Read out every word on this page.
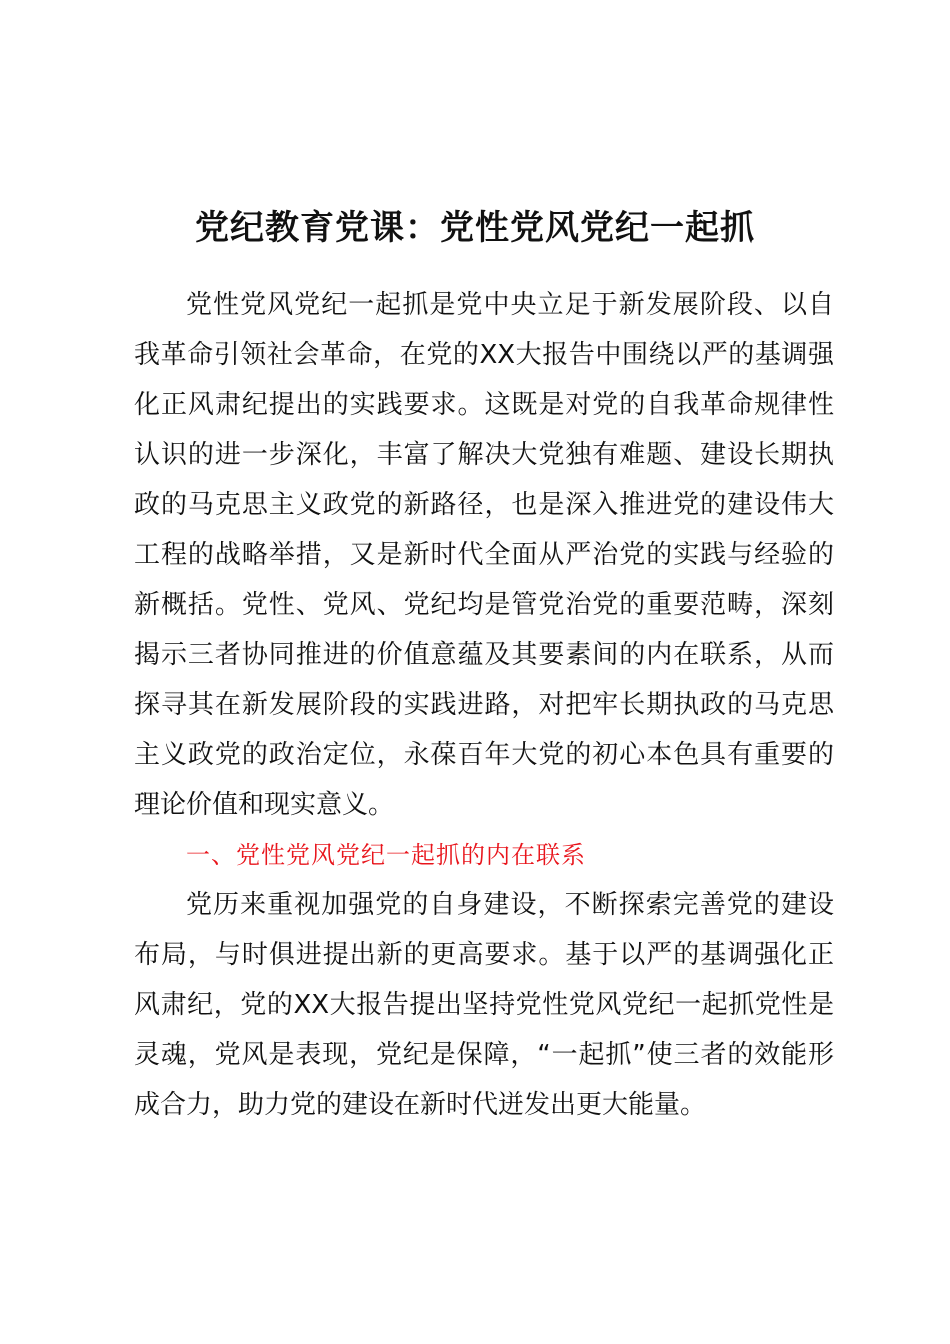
党纪教育党课：党性党风党纪一起抓

党性党风党纪一起抓是党中央立足于新发展阶段、以自我革命引领社会革命，在党的XX大报告中围绕以严的基调强化正风肃纪提出的实践要求。这既是对党的自我革命规律性认识的进一步深化，丰富了解决大党独有难题、建设长期执政的马克思主义政党的新路径，也是深入推进党的建设伟大工程的战略举措，又是新时代全面从严治党的实践与经验的新概括。党性、党风、党纪均是管党治党的重要范畴，深刻揭示三者协同推进的价值意蕴及其要素间的内在联系，从而探寻其在新发展阶段的实践进路，对把牢长期执政的马克思主义政党的政治定位，永葆百年大党的初心本色具有重要的理论价值和现实意义。

一、党性党风党纪一起抓的内在联系

党历来重视加强党的自身建设，不断探索完善党的建设布局，与时俱进提出新的更高要求。基于以严的基调强化正风肃纪，党的XX大报告提出坚持党性党风党纪一起抓党性是灵魂，党风是表现，党纪是保障，“一起抓”使三者的效能形成合力，助力党的建设在新时代迸发出更大能量。
